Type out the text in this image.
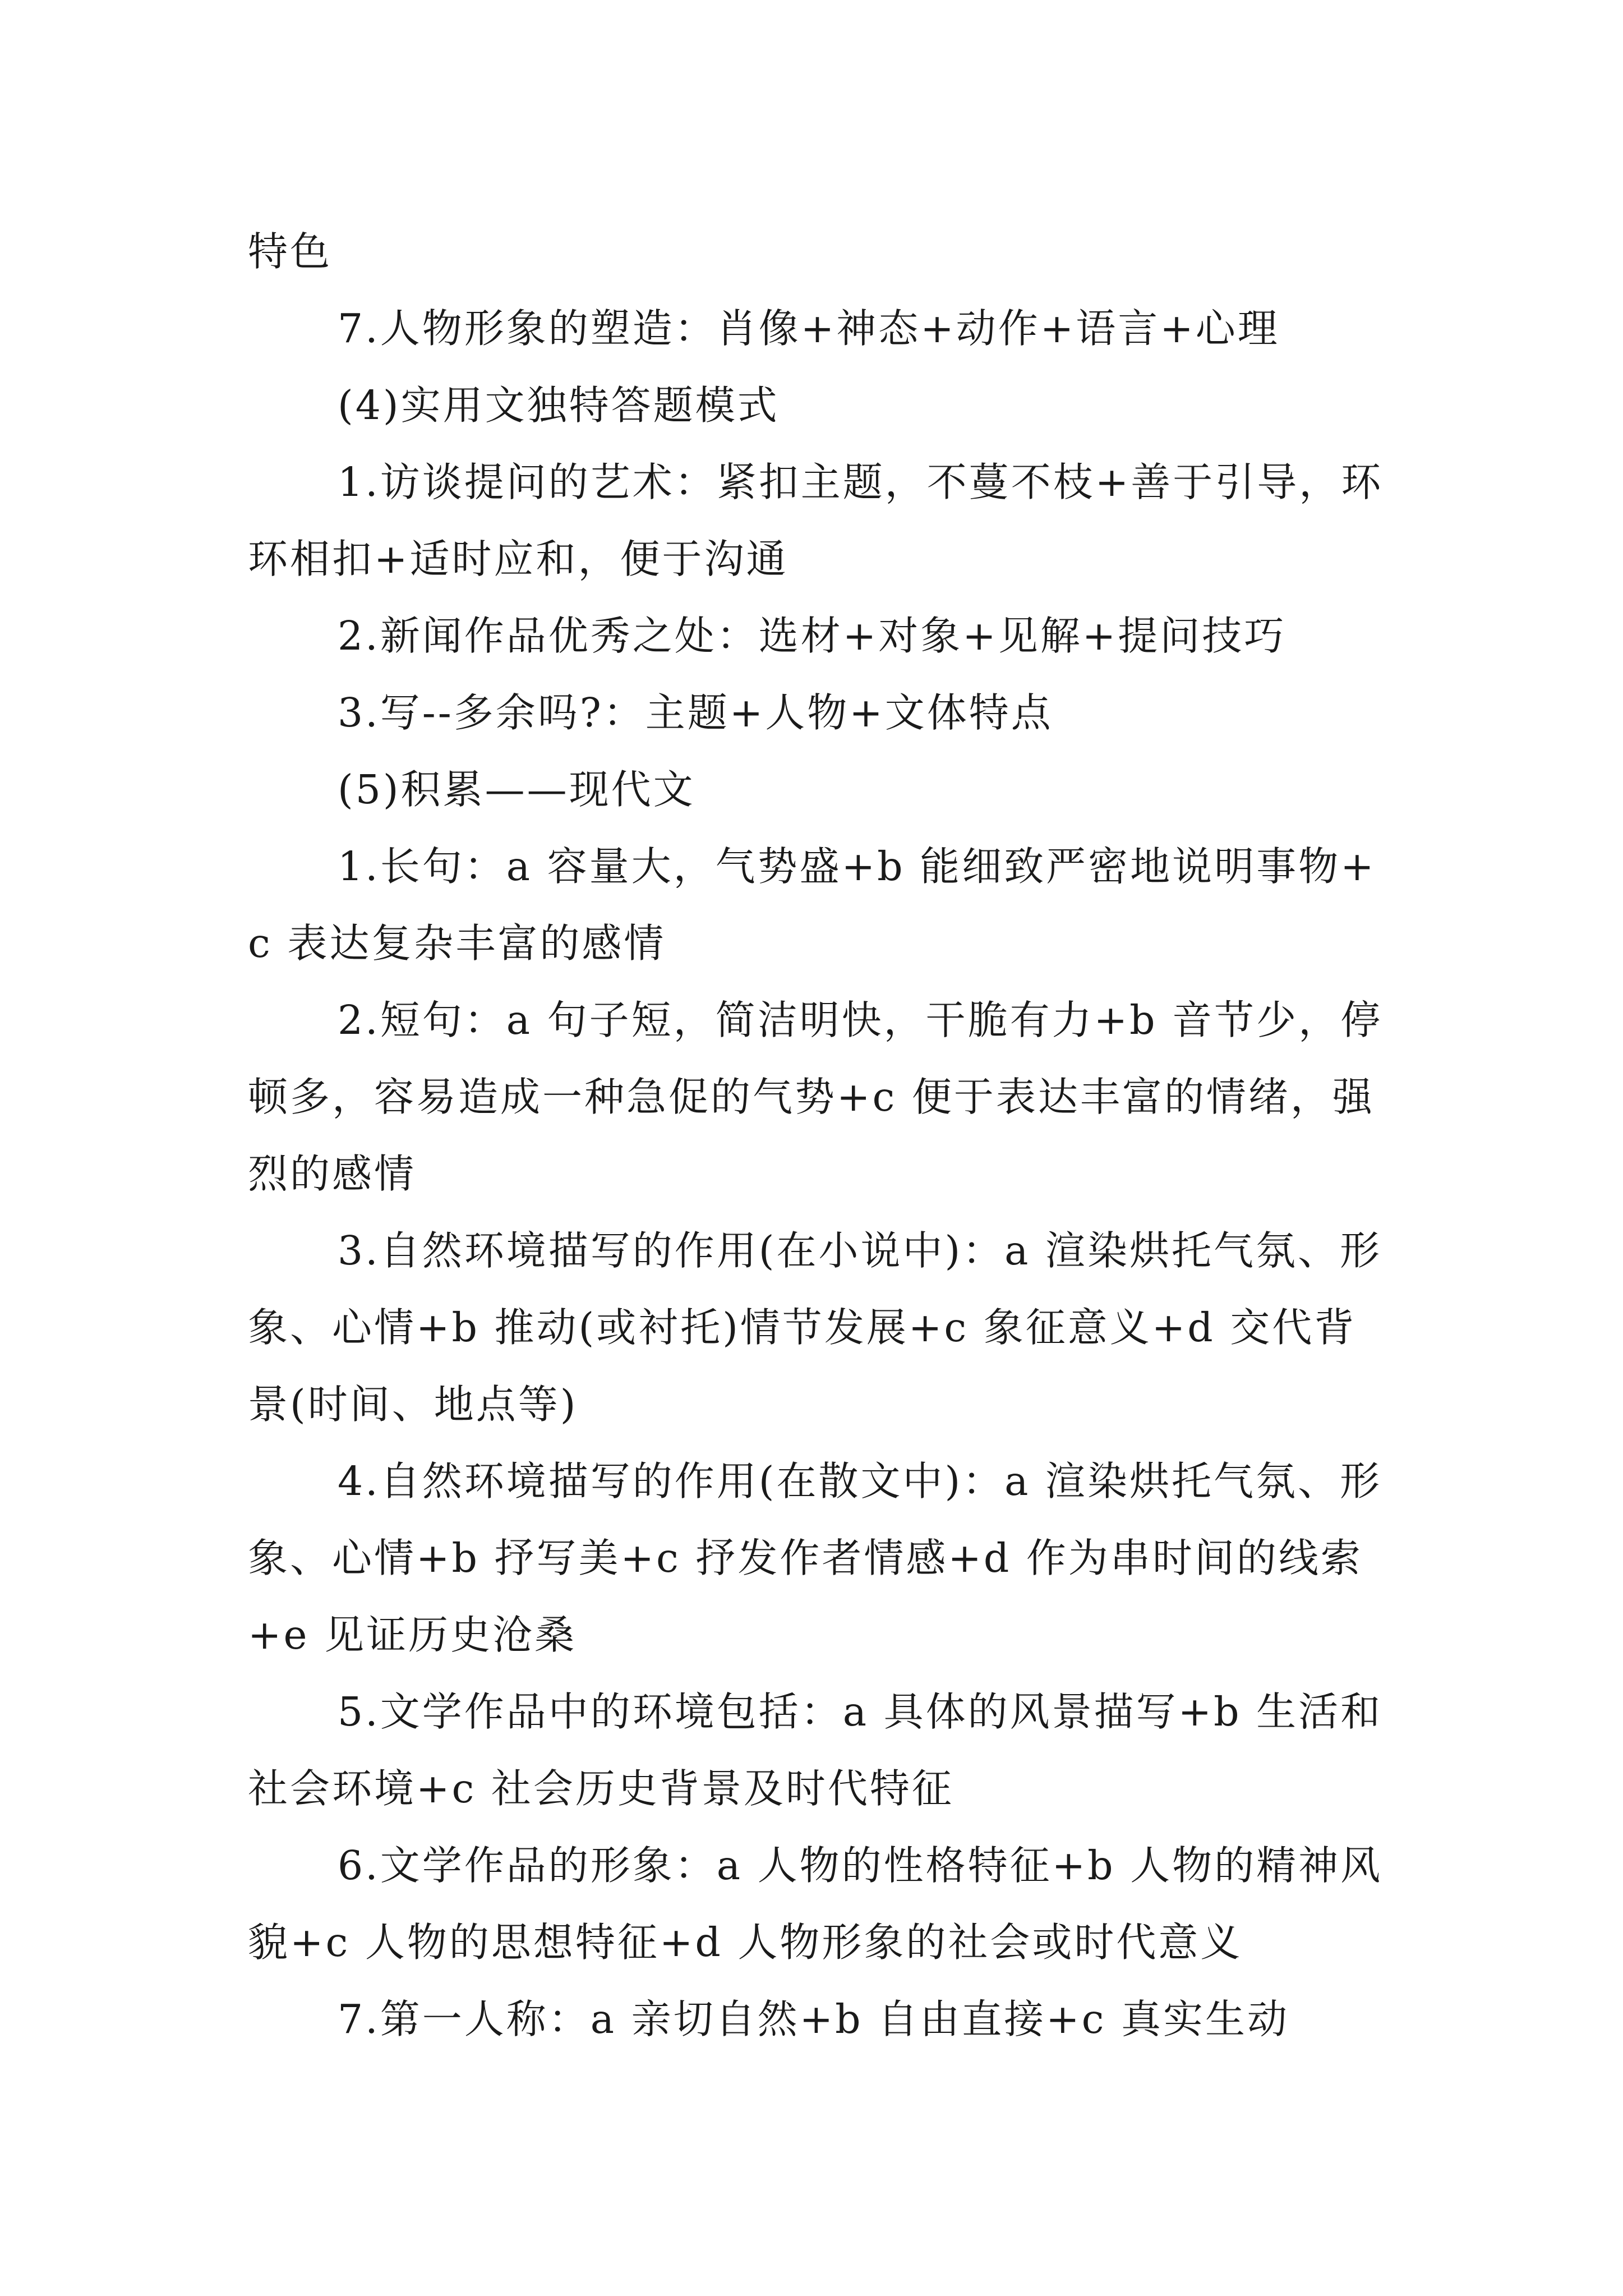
特色

7.人物形象的塑造：肖像+神态+动作+语言+心理

(4)实用文独特答题模式

1.访谈提问的艺术：紧扣主题，不蔓不枝+善于引导，环环相扣+适时应和，便于沟通

2.新闻作品优秀之处：选材+对象+见解+提问技巧

3.写--多余吗?：主题+人物+文体特点

(5)积累——现代文

1.长句：a 容量大，气势盛+b 能细致严密地说明事物+c 表达复杂丰富的感情

2.短句：a 句子短，简洁明快，干脆有力+b 音节少，停顿多，容易造成一种急促的气势+c 便于表达丰富的情绪，强烈的感情

3.自然环境描写的作用(在小说中)：a 渲染烘托气氛、形象、心情+b 推动(或衬托)情节发展+c 象征意义+d 交代背景(时间、地点等)

4.自然环境描写的作用(在散文中)：a 渲染烘托气氛、形象、心情+b 抒写美+c 抒发作者情感+d 作为串时间的线索+e 见证历史沧桑

5.文学作品中的环境包括：a 具体的风景描写+b 生活和社会环境+c 社会历史背景及时代特征

6.文学作品的形象：a 人物的性格特征+b 人物的精神风貌+c 人物的思想特征+d 人物形象的社会或时代意义

7.第一人称：a 亲切自然+b 自由直接+c 真实生动
